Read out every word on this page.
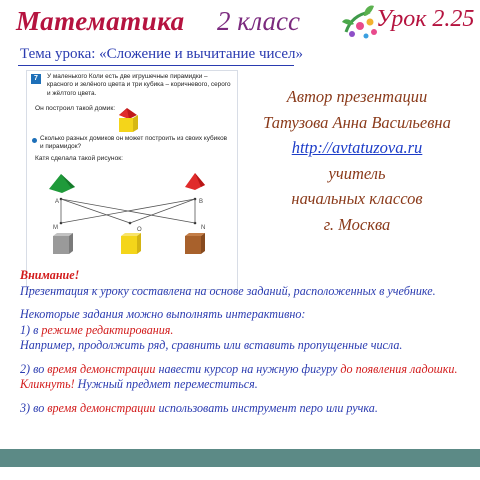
Математика 2 класс	Урок 2.25
Тема урока: «Сложение и вычитание чисел»
7	У маленького Коли есть две игрушечные пирамидки – красного и зелёного цвета и три кубика – коричневого, серого и жёлтого цвета.
Он построил такой домик:
Сколько разных домиков он может построить из своих кубиков и пирамидок?
Катя сделала такой рисунок:
A	B
M	O	N
Автор презентации
Татузова Анна Васильевна
http://avtatuzova.ru
учитель
начальных классов
г. Москва

Внимание!

Презентация к уроку составлена на основе заданий, расположенных в учебнике.

Некоторые задания можно выполнять интерактивно:

1) в режиме редактирования.

Например, продолжить ряд, сравнить или вставить пропущенные числа.

2) во время демонстрации навести курсор на нужную фигуру до появления ладошки.

Кликнуть! Нужный предмет переместиться.

3) во время демонстрации использовать инструмент перо или ручка.
